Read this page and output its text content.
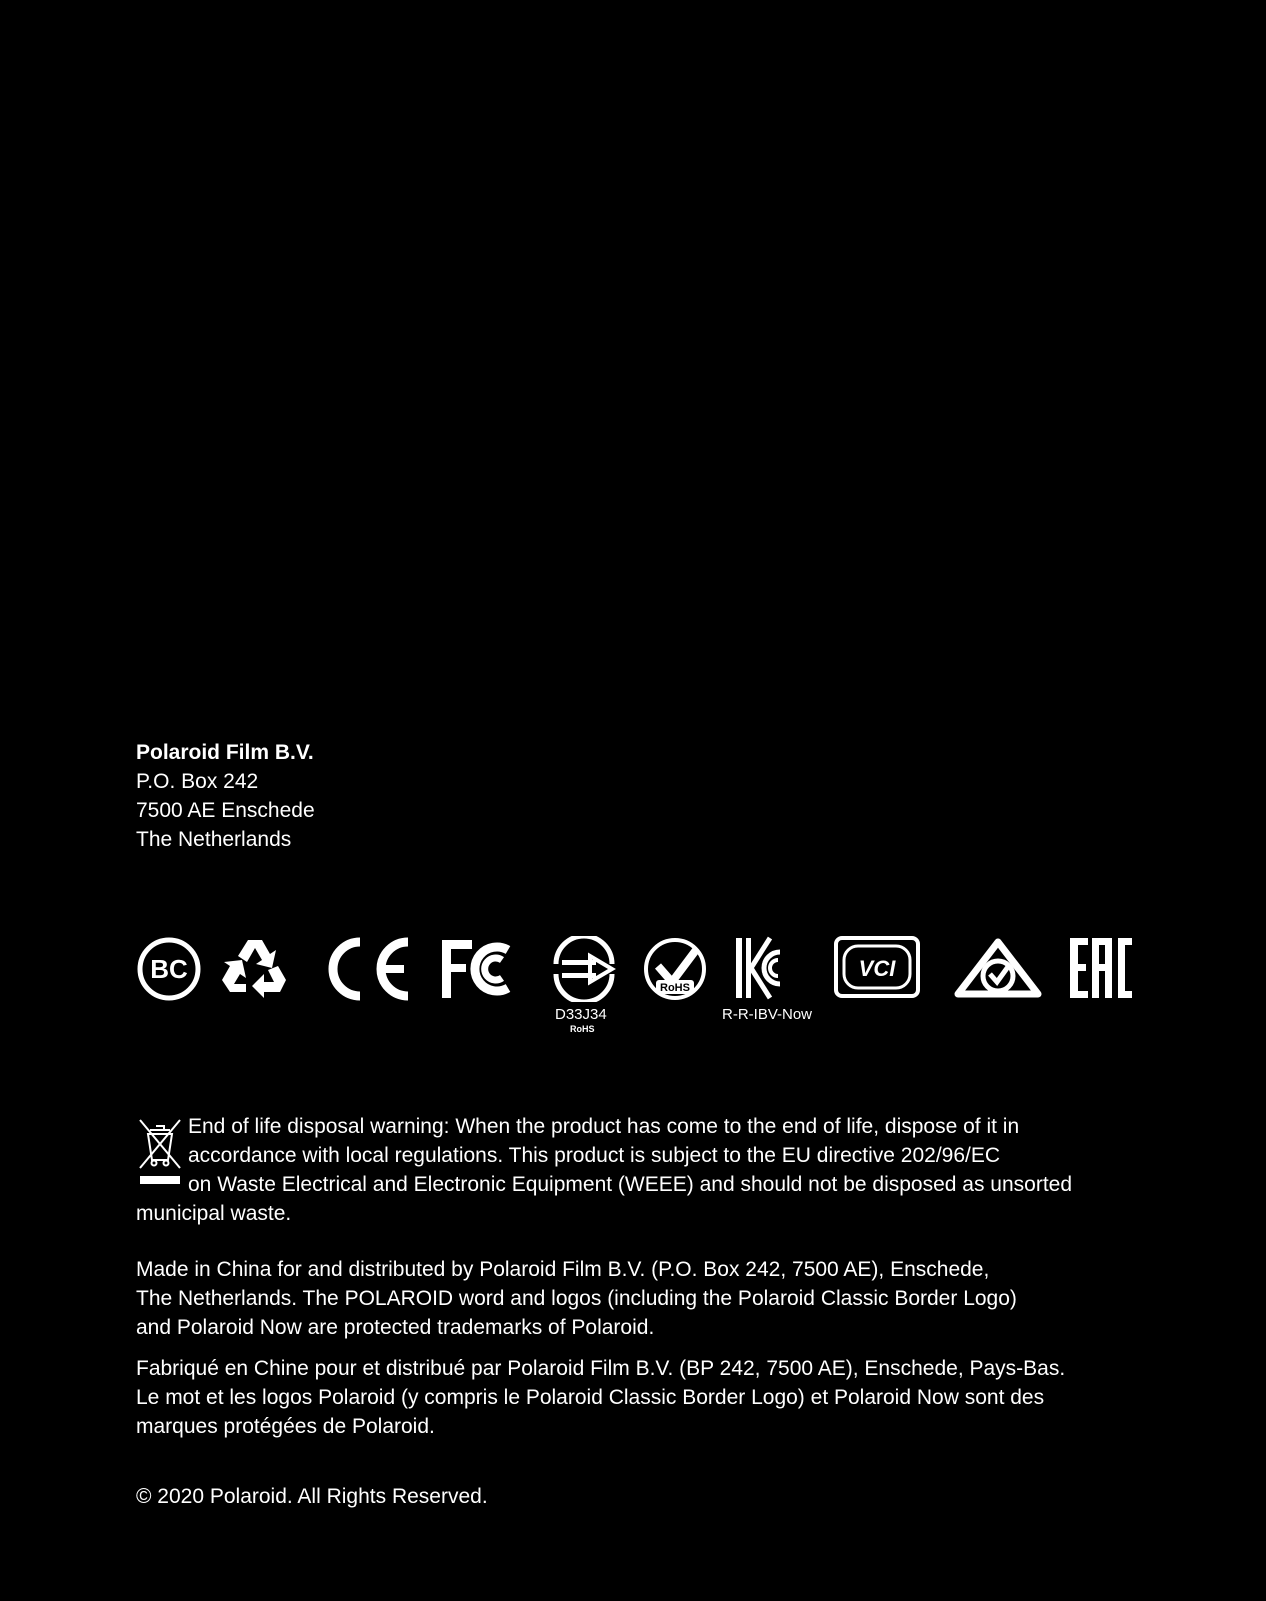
Polaroid Film B.V.
P.O. Box 242
7500 AE Enschede
The Netherlands
BC
D33J34
RoHS
RoHS
R-R-IBV-Now
VCI
End of life disposal warning: When the product has come to the end of life, dispose of it in
accordance with local regulations. This product is subject to the EU directive 202/96/EC
on Waste Electrical and Electronic Equipment (WEEE) and should not be disposed as unsorted
municipal waste.
Made in China for and distributed by Polaroid Film B.V. (P.O. Box 242, 7500 AE), Enschede,
The Netherlands. The POLAROID word and logos (including the Polaroid Classic Border Logo)
and Polaroid Now are protected trademarks of Polaroid.
Fabriqué en Chine pour et distribué par Polaroid Film B.V. (BP 242, 7500 AE), Enschede, Pays-Bas.
Le mot et les logos Polaroid (y compris le Polaroid Classic Border Logo) et Polaroid Now sont des
marques protégées de Polaroid.
© 2020 Polaroid. All Rights Reserved.
